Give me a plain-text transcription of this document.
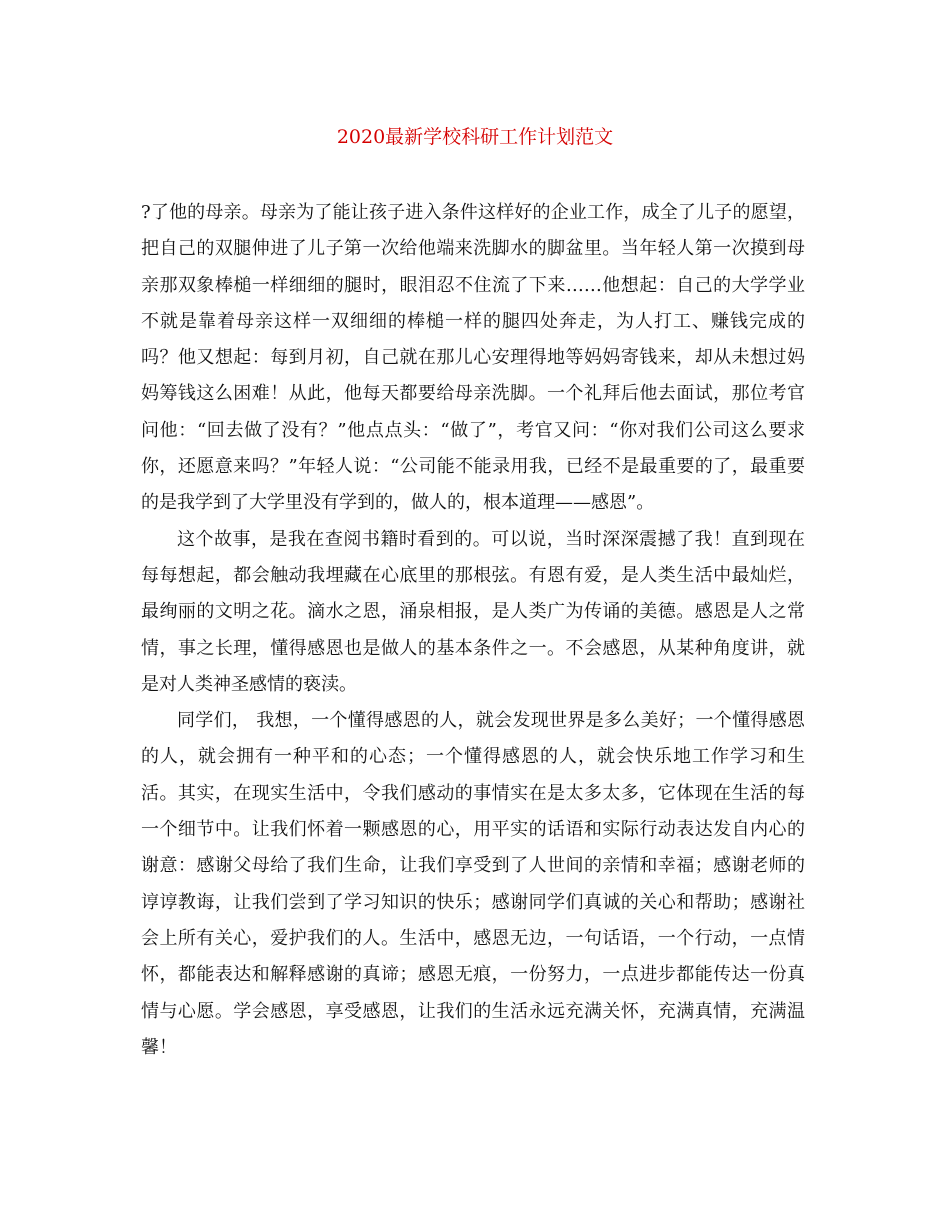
2020最新学校科研工作计划范文

?了他的母亲。母亲为了能让孩子进入条件这样好的企业工作，成全了儿子的愿望，把自己的双腿伸进了儿子第一次给他端来洗脚水的脚盆里。当年轻人第一次摸到母亲那双象棒槌一样细细的腿时，眼泪忍不住流了下来……他想起：自己的大学学业不就是靠着母亲这样一双细细的棒槌一样的腿四处奔走，为人打工、赚钱完成的吗？他又想起：每到月初，自己就在那儿心安理得地等妈妈寄钱来，却从未想过妈妈筹钱这么困难！从此，他每天都要给母亲洗脚。一个礼拜后他去面试，那位考官问他：“回去做了没有？”他点点头：“做了”，考官又问：“你对我们公司这么要求你，还愿意来吗？”年轻人说：“公司能不能录用我，已经不是最重要的了，最重要的是我学到了大学里没有学到的，做人的，根本道理——感恩”。

这个故事，是我在查阅书籍时看到的。可以说，当时深深震撼了我！直到现在每每想起，都会触动我埋藏在心底里的那根弦。有恩有爱，是人类生活中最灿烂，最绚丽的文明之花。滴水之恩，涌泉相报，是人类广为传诵的美德。感恩是人之常情，事之长理，懂得感恩也是做人的基本条件之一。不会感恩，从某种角度讲，就是对人类神圣感情的亵渎。

同学们， 我想，一个懂得感恩的人，就会发现世界是多么美好；一个懂得感恩的人，就会拥有一种平和的心态；一个懂得感恩的人，就会快乐地工作学习和生活。其实，在现实生活中，令我们感动的事情实在是太多太多，它体现在生活的每一个细节中。让我们怀着一颗感恩的心，用平实的话语和实际行动表达发自内心的谢意：感谢父母给了我们生命，让我们享受到了人世间的亲情和幸福；感谢老师的谆谆教诲，让我们尝到了学习知识的快乐；感谢同学们真诚的关心和帮助；感谢社会上所有关心，爱护我们的人。生活中，感恩无边，一句话语，一个行动，一点情怀，都能表达和解释感谢的真谛；感恩无痕，一份努力，一点进步都能传达一份真情与心愿。学会感恩，享受感恩，让我们的生活永远充满关怀，充满真情，充满温馨！
